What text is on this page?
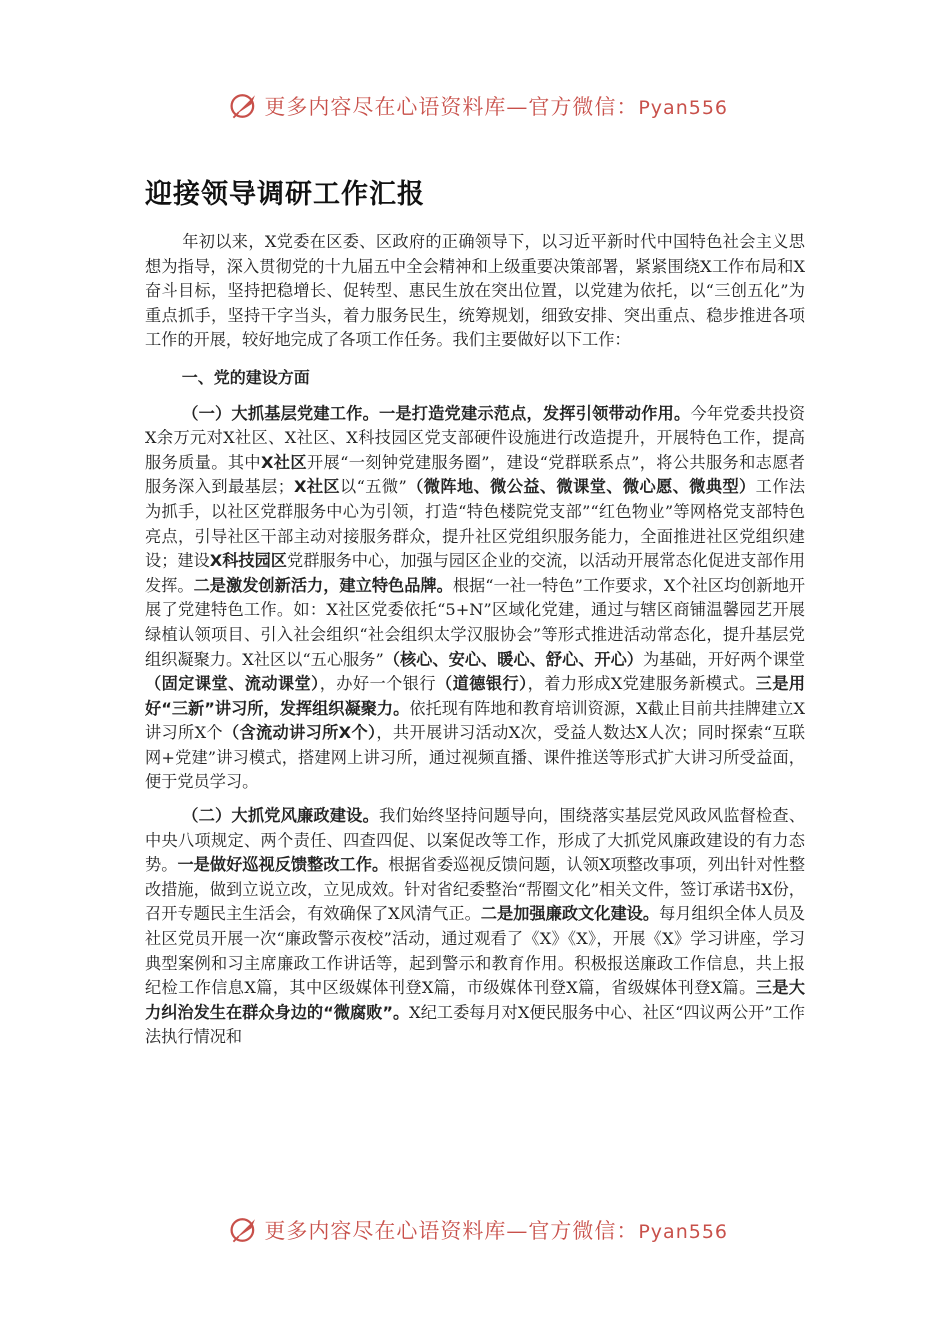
更多内容尽在心语资料库—官方微信：Pyan556
迎接领导调研工作汇报

年初以来，X党委在区委、区政府的正确领导下，以习近平新时代中国特色社会主义思想为指导，深入贯彻党的十九届五中全会精神和上级重要决策部署，紧紧围绕X工作布局和X奋斗目标，坚持把稳增长、促转型、惠民生放在突出位置，以党建为依托，以“三创五化”为重点抓手，坚持干字当头，着力服务民生，统筹规划，细致安排、突出重点、稳步推进各项工作的开展，较好地完成了各项工作任务。我们主要做好以下工作：

一、党的建设方面

（一）大抓基层党建工作。一是打造党建示范点，发挥引领带动作用。今年党委共投资X余万元对X社区、X社区、X科技园区党支部硬件设施进行改造提升，开展特色工作，提高服务质量。其中X社区开展“一刻钟党建服务圈”，建设“党群联系点”，将公共服务和志愿者服务深入到最基层；X社区以“五微”（微阵地、微公益、微课堂、微心愿、微典型）工作法为抓手，以社区党群服务中心为引领，打造“特色楼院党支部”“红色物业”等网格党支部特色亮点，引导社区干部主动对接服务群众，提升社区党组织服务能力，全面推进社区党组织建设；建设X科技园区党群服务中心，加强与园区企业的交流，以活动开展常态化促进支部作用发挥。二是激发创新活力，建立特色品牌。根据“一社一特色”工作要求，X个社区均创新地开展了党建特色工作。如：X社区党委依托“5+N”区域化党建，通过与辖区商铺温馨园艺开展绿植认领项目、引入社会组织“社会组织太学汉服协会”等形式推进活动常态化，提升基层党组织凝聚力。X社区以“五心服务”（核心、安心、暖心、舒心、开心）为基础，开好两个课堂（固定课堂、流动课堂），办好一个银行（道德银行），着力形成X党建服务新模式。三是用好“三新”讲习所，发挥组织凝聚力。依托现有阵地和教育培训资源，X截止目前共挂牌建立X讲习所X个（含流动讲习所X个），共开展讲习活动X次，受益人数达X人次；同时探索“互联网+党建”讲习模式，搭建网上讲习所，通过视频直播、课件推送等形式扩大讲习所受益面，便于党员学习。

（二）大抓党风廉政建设。我们始终坚持问题导向，围绕落实基层党风政风监督检查、中央八项规定、两个责任、四查四促、以案促改等工作，形成了大抓党风廉政建设的有力态势。一是做好巡视反馈整改工作。根据省委巡视反馈问题，认领X项整改事项，列出针对性整改措施，做到立说立改，立见成效。针对省纪委整治“帮圈文化”相关文件，签订承诺书X份，召开专题民主生活会，有效确保了X风清气正。二是加强廉政文化建设。每月组织全体人员及社区党员开展一次“廉政警示夜校”活动，通过观看了《X》《X》，开展《X》学习讲座，学习典型案例和习主席廉政工作讲话等，起到警示和教育作用。积极报送廉政工作信息，共上报纪检工作信息X篇，其中区级媒体刊登X篇，市级媒体刊登X篇，省级媒体刊登X篇。三是大力纠治发生在群众身边的“微腐败”。X纪工委每月对X便民服务中心、社区“四议两公开”工作法执行情况和

更多内容尽在心语资料库—官方微信：Pyan556
